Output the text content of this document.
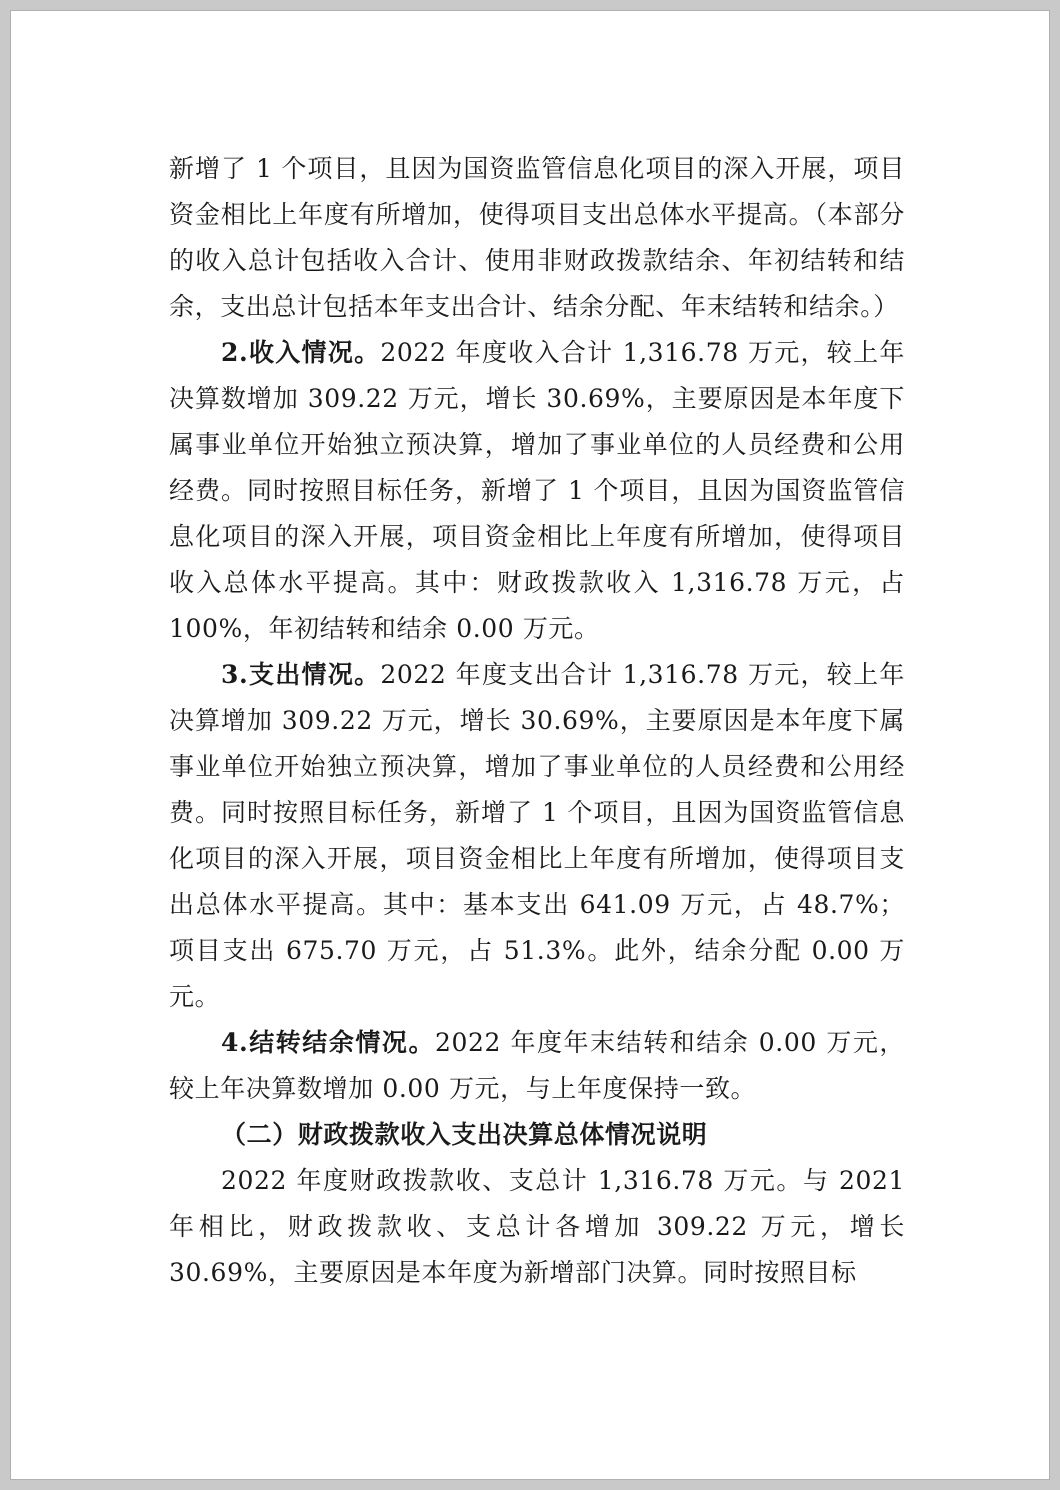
新增了 1 个项目，且因为国资监管信息化项目的深入开展，项目资金相比上年度有所增加，使得项目支出总体水平提高。（本部分的收入总计包括收入合计、使用非财政拨款结余、年初结转和结余，支出总计包括本年支出合计、结余分配、年末结转和结余。）

2.收入情况。2022 年度收入合计 1,316.78 万元，较上年决算数增加 309.22 万元，增长 30.69%，主要原因是本年度下属事业单位开始独立预决算，增加了事业单位的人员经费和公用经费。同时按照目标任务，新增了 1 个项目，且因为国资监管信息化项目的深入开展，项目资金相比上年度有所增加，使得项目收入总体水平提高。其中：财政拨款收入 1,316.78 万元，占 100%，年初结转和结余 0.00 万元。

3.支出情况。2022 年度支出合计 1,316.78 万元，较上年决算增加 309.22 万元，增长 30.69%，主要原因是本年度下属事业单位开始独立预决算，增加了事业单位的人员经费和公用经费。同时按照目标任务，新增了 1 个项目，且因为国资监管信息化项目的深入开展，项目资金相比上年度有所增加，使得项目支出总体水平提高。其中：基本支出 641.09 万元，占 48.7%；项目支出 675.70 万元，占 51.3%。此外，结余分配 0.00 万元。

4.结转结余情况。2022 年度年末结转和结余 0.00 万元，较上年决算数增加 0.00 万元，与上年度保持一致。

（二）财政拨款收入支出决算总体情况说明

2022 年度财政拨款收、支总计 1,316.78 万元。与 2021 年相比，财政拨款收、支总计各增加 309.22 万元，增长 30.69%，主要原因是本年度为新增部门决算。同时按照目标
